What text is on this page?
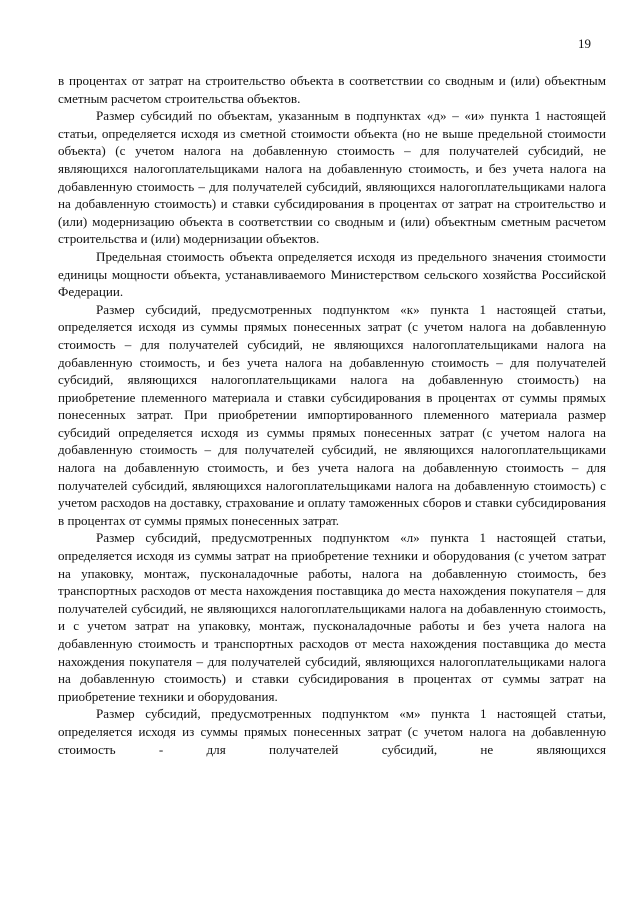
19

в процентах от затрат на строительство объекта в соответствии со сводным и (или) объектным сметным расчетом строительства объектов.

Размер субсидий по объектам, указанным в подпунктах «д» – «и» пункта 1 настоящей статьи, определяется исходя из сметной стоимости объекта (но не выше предельной стоимости объекта) (с учетом налога на добавленную стоимость – для получателей субсидий, не являющихся налогоплательщиками налога на добавленную стоимость, и без учета налога на добавленную стоимость – для получателей субсидий, являющихся налогоплательщиками налога на добавленную стоимость) и ставки субсидирования в процентах от затрат на строительство и (или) модернизацию объекта в соответствии со сводным и (или) объектным сметным расчетом строительства и (или) модернизации объектов.

Предельная стоимость объекта определяется исходя из предельного значения стоимости единицы мощности объекта, устанавливаемого Министерством сельского хозяйства Российской Федерации.

Размер субсидий, предусмотренных подпунктом «к» пункта 1 настоящей статьи, определяется исходя из суммы прямых понесенных затрат (с учетом налога на добавленную стоимость – для получателей субсидий, не являющихся налогоплательщиками налога на добавленную стоимость, и без учета налога на добавленную стоимость – для получателей субсидий, являющихся налогоплательщиками налога на добавленную стоимость) на приобретение племенного материала и ставки субсидирования в процентах от суммы прямых понесенных затрат. При приобретении импортированного племенного материала размер субсидий определяется исходя из суммы прямых понесенных затрат (с учетом налога на добавленную стоимость – для получателей субсидий, не являющихся налогоплательщиками налога на добавленную стоимость, и без учета налога на добавленную стоимость – для получателей субсидий, являющихся налогоплательщиками налога на добавленную стоимость) с учетом расходов на доставку, страхование и оплату таможенных сборов и ставки субсидирования в процентах от суммы прямых понесенных затрат.

Размер субсидий, предусмотренных подпунктом «л» пункта 1 настоящей статьи, определяется исходя из суммы затрат на приобретение техники и оборудования (с учетом затрат на упаковку, монтаж, пусконаладочные работы, налога на добавленную стоимость, без транспортных расходов от места нахождения поставщика до места нахождения покупателя – для получателей субсидий, не являющихся налогоплательщиками налога на добавленную стоимость, и с учетом затрат на упаковку, монтаж, пусконаладочные работы и без учета налога на добавленную стоимость и транспортных расходов от места нахождения поставщика до места нахождения покупателя – для получателей субсидий, являющихся налогоплательщиками налога на добавленную стоимость) и ставки субсидирования в процентах от суммы затрат на приобретение техники и оборудования.

Размер субсидий, предусмотренных подпунктом «м» пункта 1 настоящей статьи, определяется исходя из суммы прямых понесенных затрат (с учетом налога на добавленную стоимость - для получателей субсидий, не являющихся
